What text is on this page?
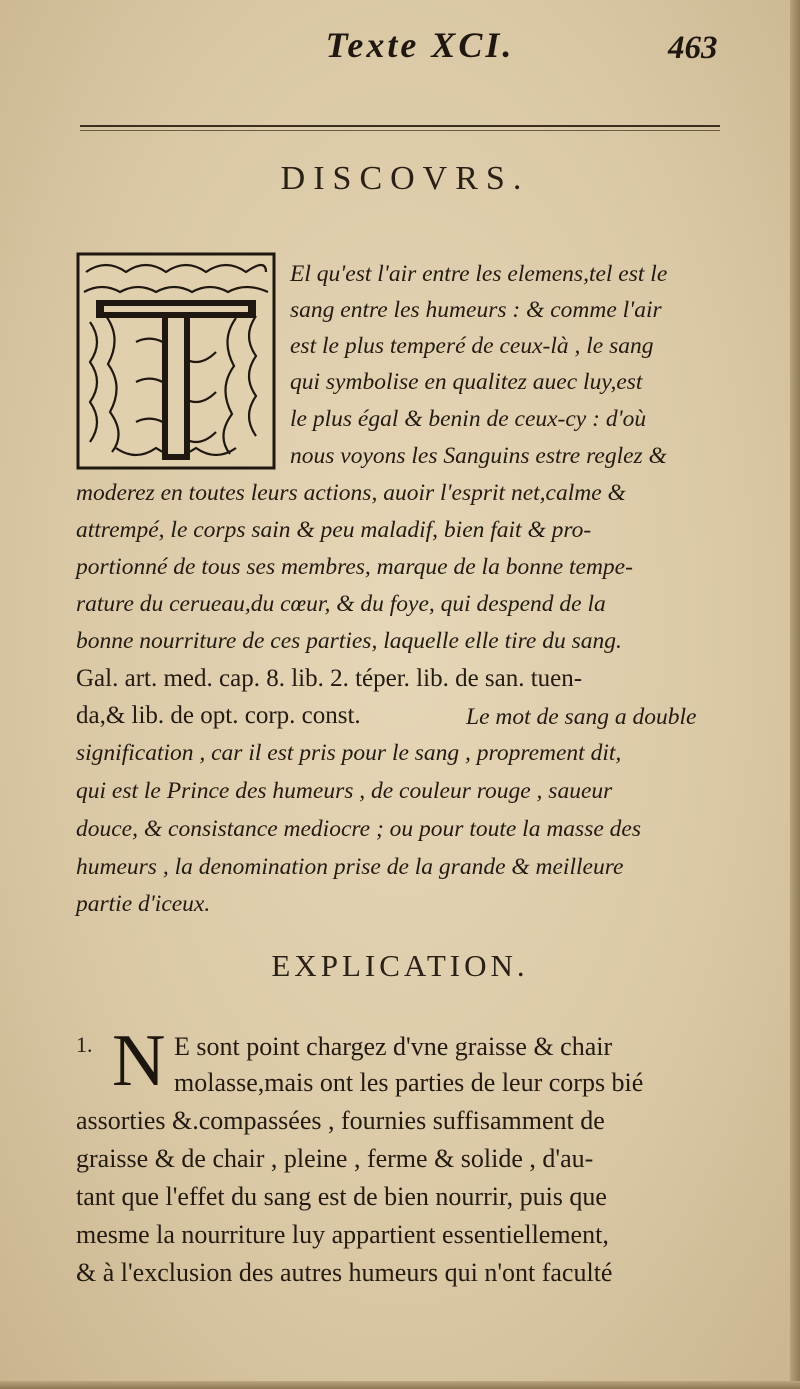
Texte XCI.	463
DISCOVRS.
El qu'est l'air entre les elemens,tel est le
sang entre les humeurs : & comme l'air
est le plus temperé de ceux-là , le sang
qui symbolise en qualitez auec luy,est
le plus égal & benin de ceux-cy : d'où
nous voyons les Sanguins estre reglez &
moderez en toutes leurs actions, auoir l'esprit net,calme &
attrempé, le corps sain & peu maladif, bien fait & pro-
portionné de tous ses membres, marque de la bonne tempe-
rature du cerueau,du cœur, & du foye, qui despend de la
bonne nourriture de ces parties, laquelle elle tire du sang.
Gal. art. med. cap. 8. lib. 2. téper. lib. de san. tuen-
da,& lib. de opt. corp. const.	Le mot de sang a double
signification , car il est pris pour le sang , proprement dit,
qui est le Prince des humeurs , de couleur rouge , saueur
douce, & consistance mediocre ; ou pour toute la masse des
humeurs , la denomination prise de la grande & meilleure
partie d'iceux.
EXPLICATION.
1. N E sont point chargez d'vne graisse & chair
molasse,mais ont les parties de leur corps bié
assorties &.compassées , fournies suffisamment de
graisse & de chair , pleine , ferme & solide , d'au-
tant que l'effet du sang est de bien nourrir, puis que
mesme la nourriture luy appartient essentiellement,
& à l'exclusion des autres humeurs qui n'ont faculté
